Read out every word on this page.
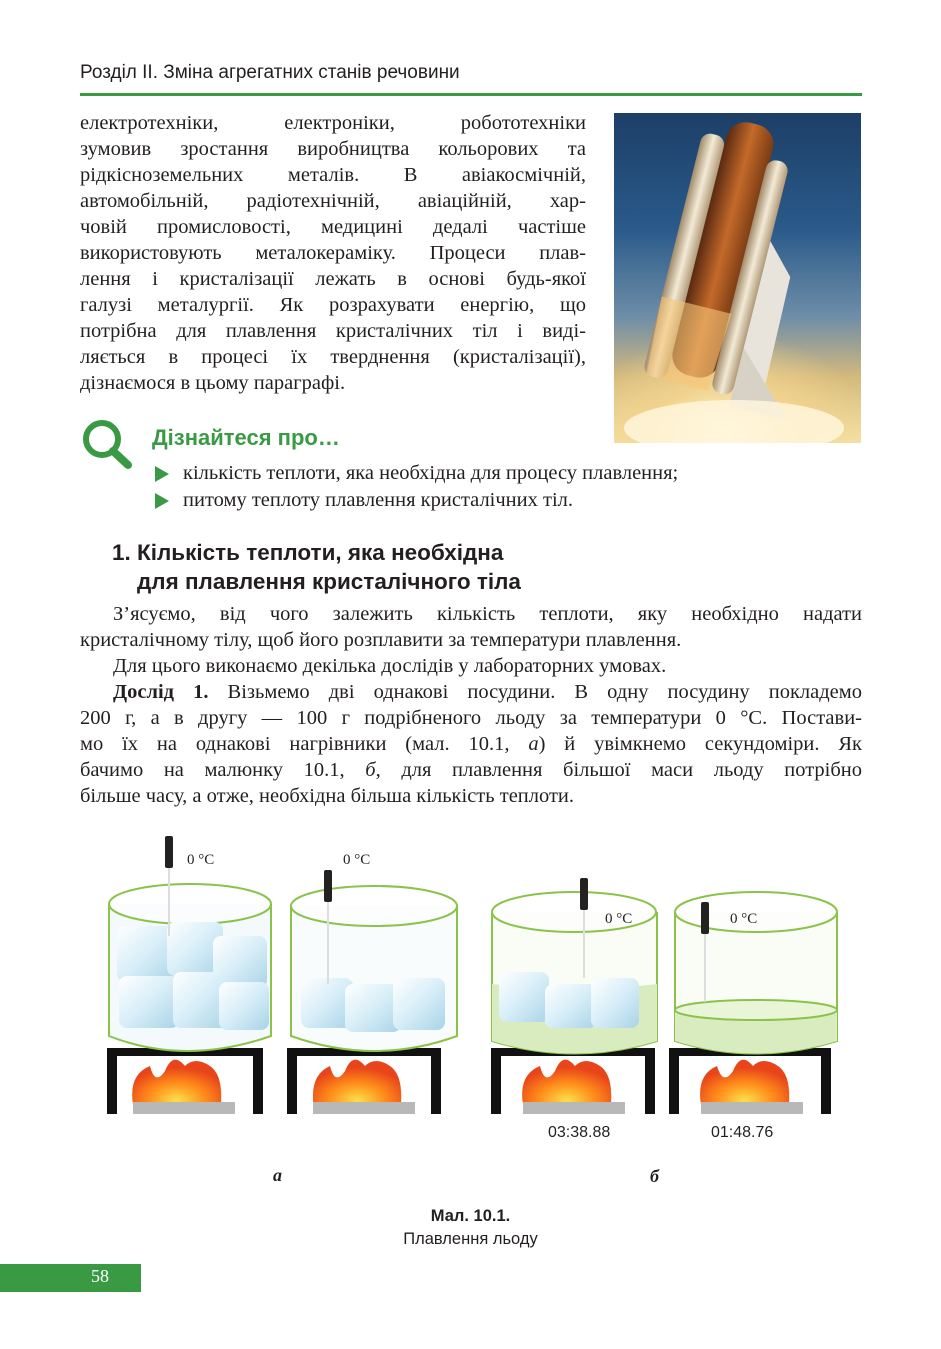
Розділ II. Зміна агрегатних станів речовини
електротехніки, електроніки, робототехніки
зумовив зростання виробництва кольорових та
рідкісноземельних металів. В авіакосмічній,
автомобільній, радіотехнічній, авіаційній, хар-
човій промисловості, медицині дедалі частіше
використовують металокераміку. Процеси плав-
лення і кристалізації лежать в основі будь-якої
галузі металургії. Як розрахувати енергію, що
потрібна для плавлення кристалічних тіл і виді-
ляється в процесі їх тверднення (кристалізації),
дізнаємося в цьому параграфі.
Дізнайтеся про…
кількість теплоти, яка необхідна для процесу плавлення;
питому теплоту плавлення кристалічних тіл.
1. Кількість теплоти, яка необхідна
для плавлення кристалічного тіла
З’ясуємо, від чого залежить кількість теплоти, яку необхідно надати
кристалічному тілу, щоб його розплавити за температури плавлення.
Для цього виконаємо декілька дослідів у лабораторних умовах.
Дослід 1. Візьмемо дві однакові посудини. В одну посудину покладемо
200 г, а в другу — 100 г подрібненого льоду за температури 0 °С. Постави-
мо їх на однакові нагрівники (мал. 10.1, а) й увімкнемо секундоміри. Як
бачимо на малюнку 10.1, б, для плавлення більшої маси льоду потрібно
більше часу, а отже, необхідна більша кількість теплоти.
0 °С	0 °С
0 °С	0 °С
03:38.88	01:48.76
а	б
Мал. 10.1.
Плавлення льоду
58
